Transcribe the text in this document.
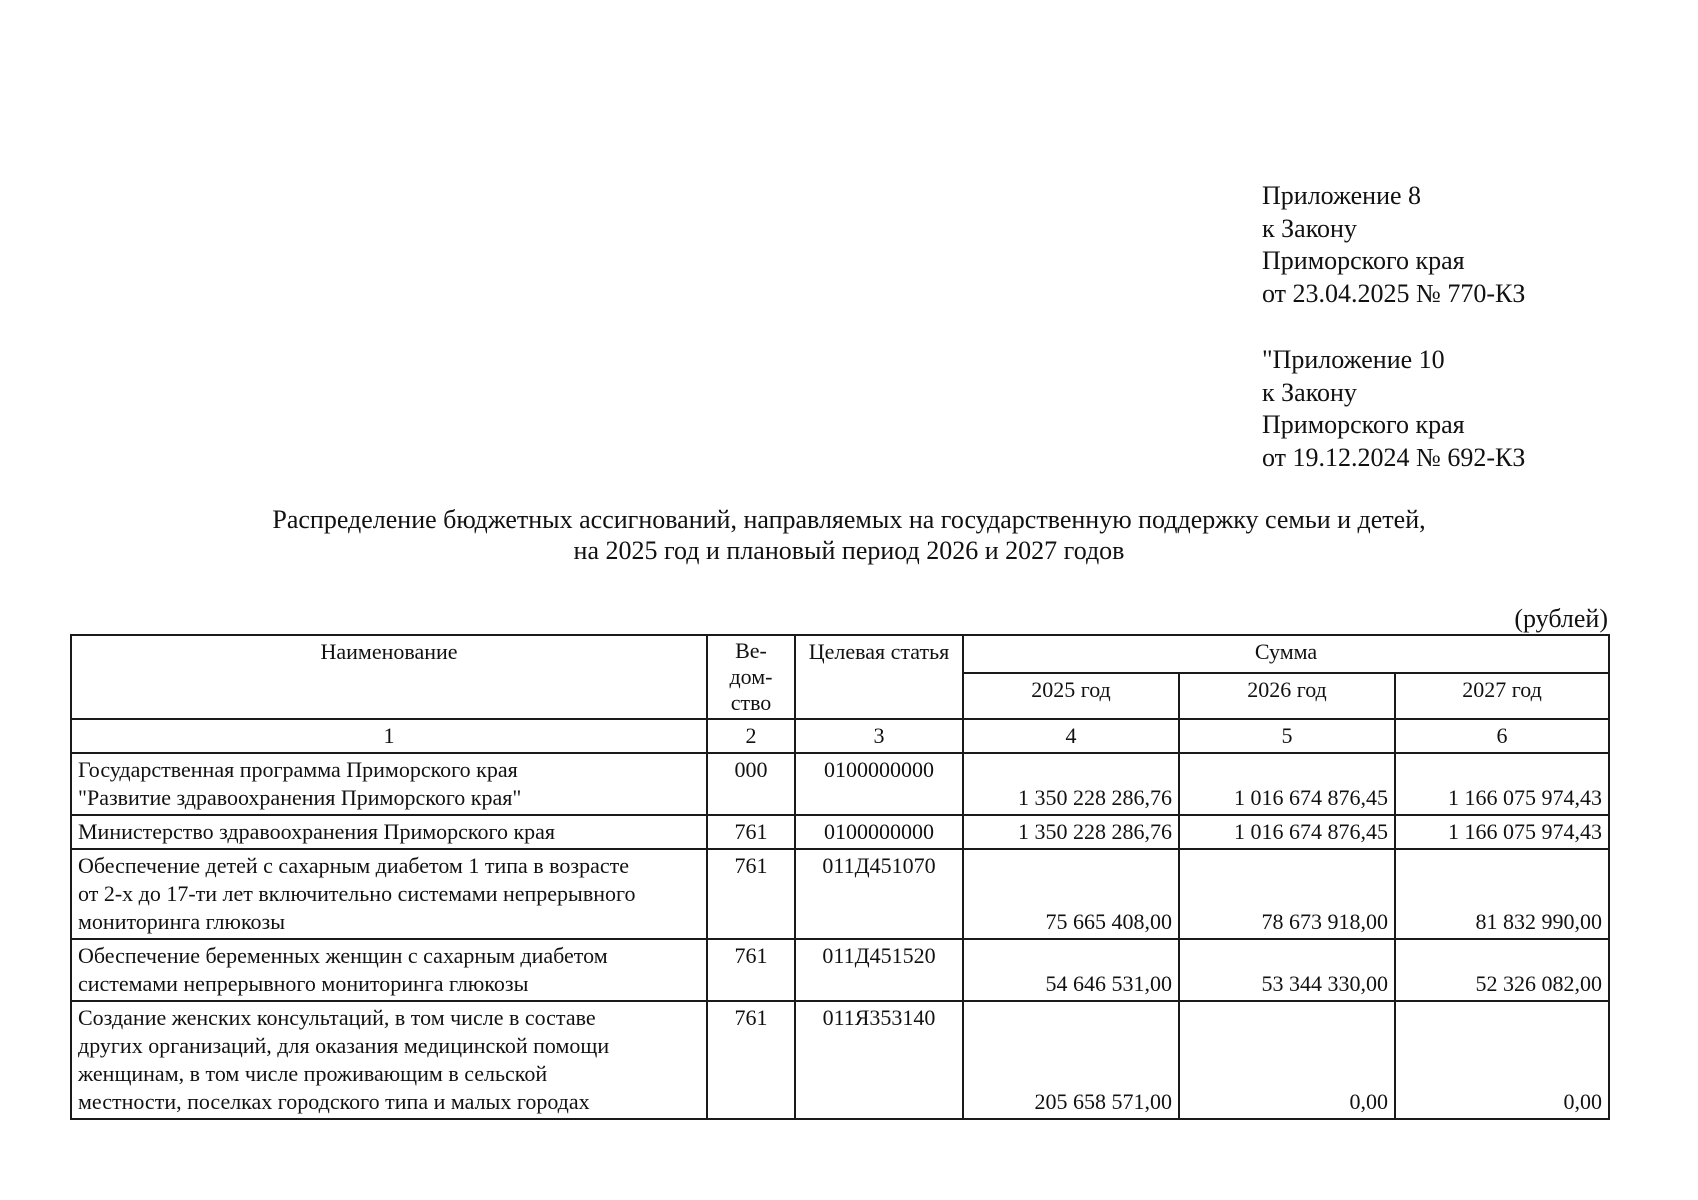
Приложение 8
к Закону
Приморского края
от 23.04.2025 № 770-КЗ
"Приложение 10
к Закону
Приморского края
от 19.12.2024 № 692-КЗ
Распределение бюджетных ассигнований, направляемых на государственную поддержку семьи и детей,
на 2025 год и плановый период 2026 и 2027 годов
(рублей)
Наименование	Ве-
дом-
ство	Целевая статья	Сумма		
			2025 год	2026 год	2027 год
1	2	3	4	5	6

Государственная программа Приморского края
"Развитие здравоохранения Приморского края"	000	0100000000	1 350 228 286,76	1 016 674 876,45	1 166 075 974,43

Министерство здравоохранения Приморского края	761	0100000000	1 350 228 286,76	1 016 674 876,45	1 166 075 974,43

Обеспечение детей с сахарным диабетом 1 типа в возрасте
от 2-х до 17-ти лет включительно системами непрерывного
мониторинга глюкозы	761	011Д451070	75 665 408,00	78 673 918,00	81 832 990,00

Обеспечение беременных женщин с сахарным диабетом
системами непрерывного мониторинга глюкозы	761	011Д451520	54 646 531,00	53 344 330,00	52 326 082,00

Создание женских консультаций, в том числе в составе
других организаций, для оказания медицинской помощи
женщинам, в том числе проживающим в сельской
местности, поселках городского типа и малых городах	761	011Я353140	205 658 571,00	0,00	0,00
